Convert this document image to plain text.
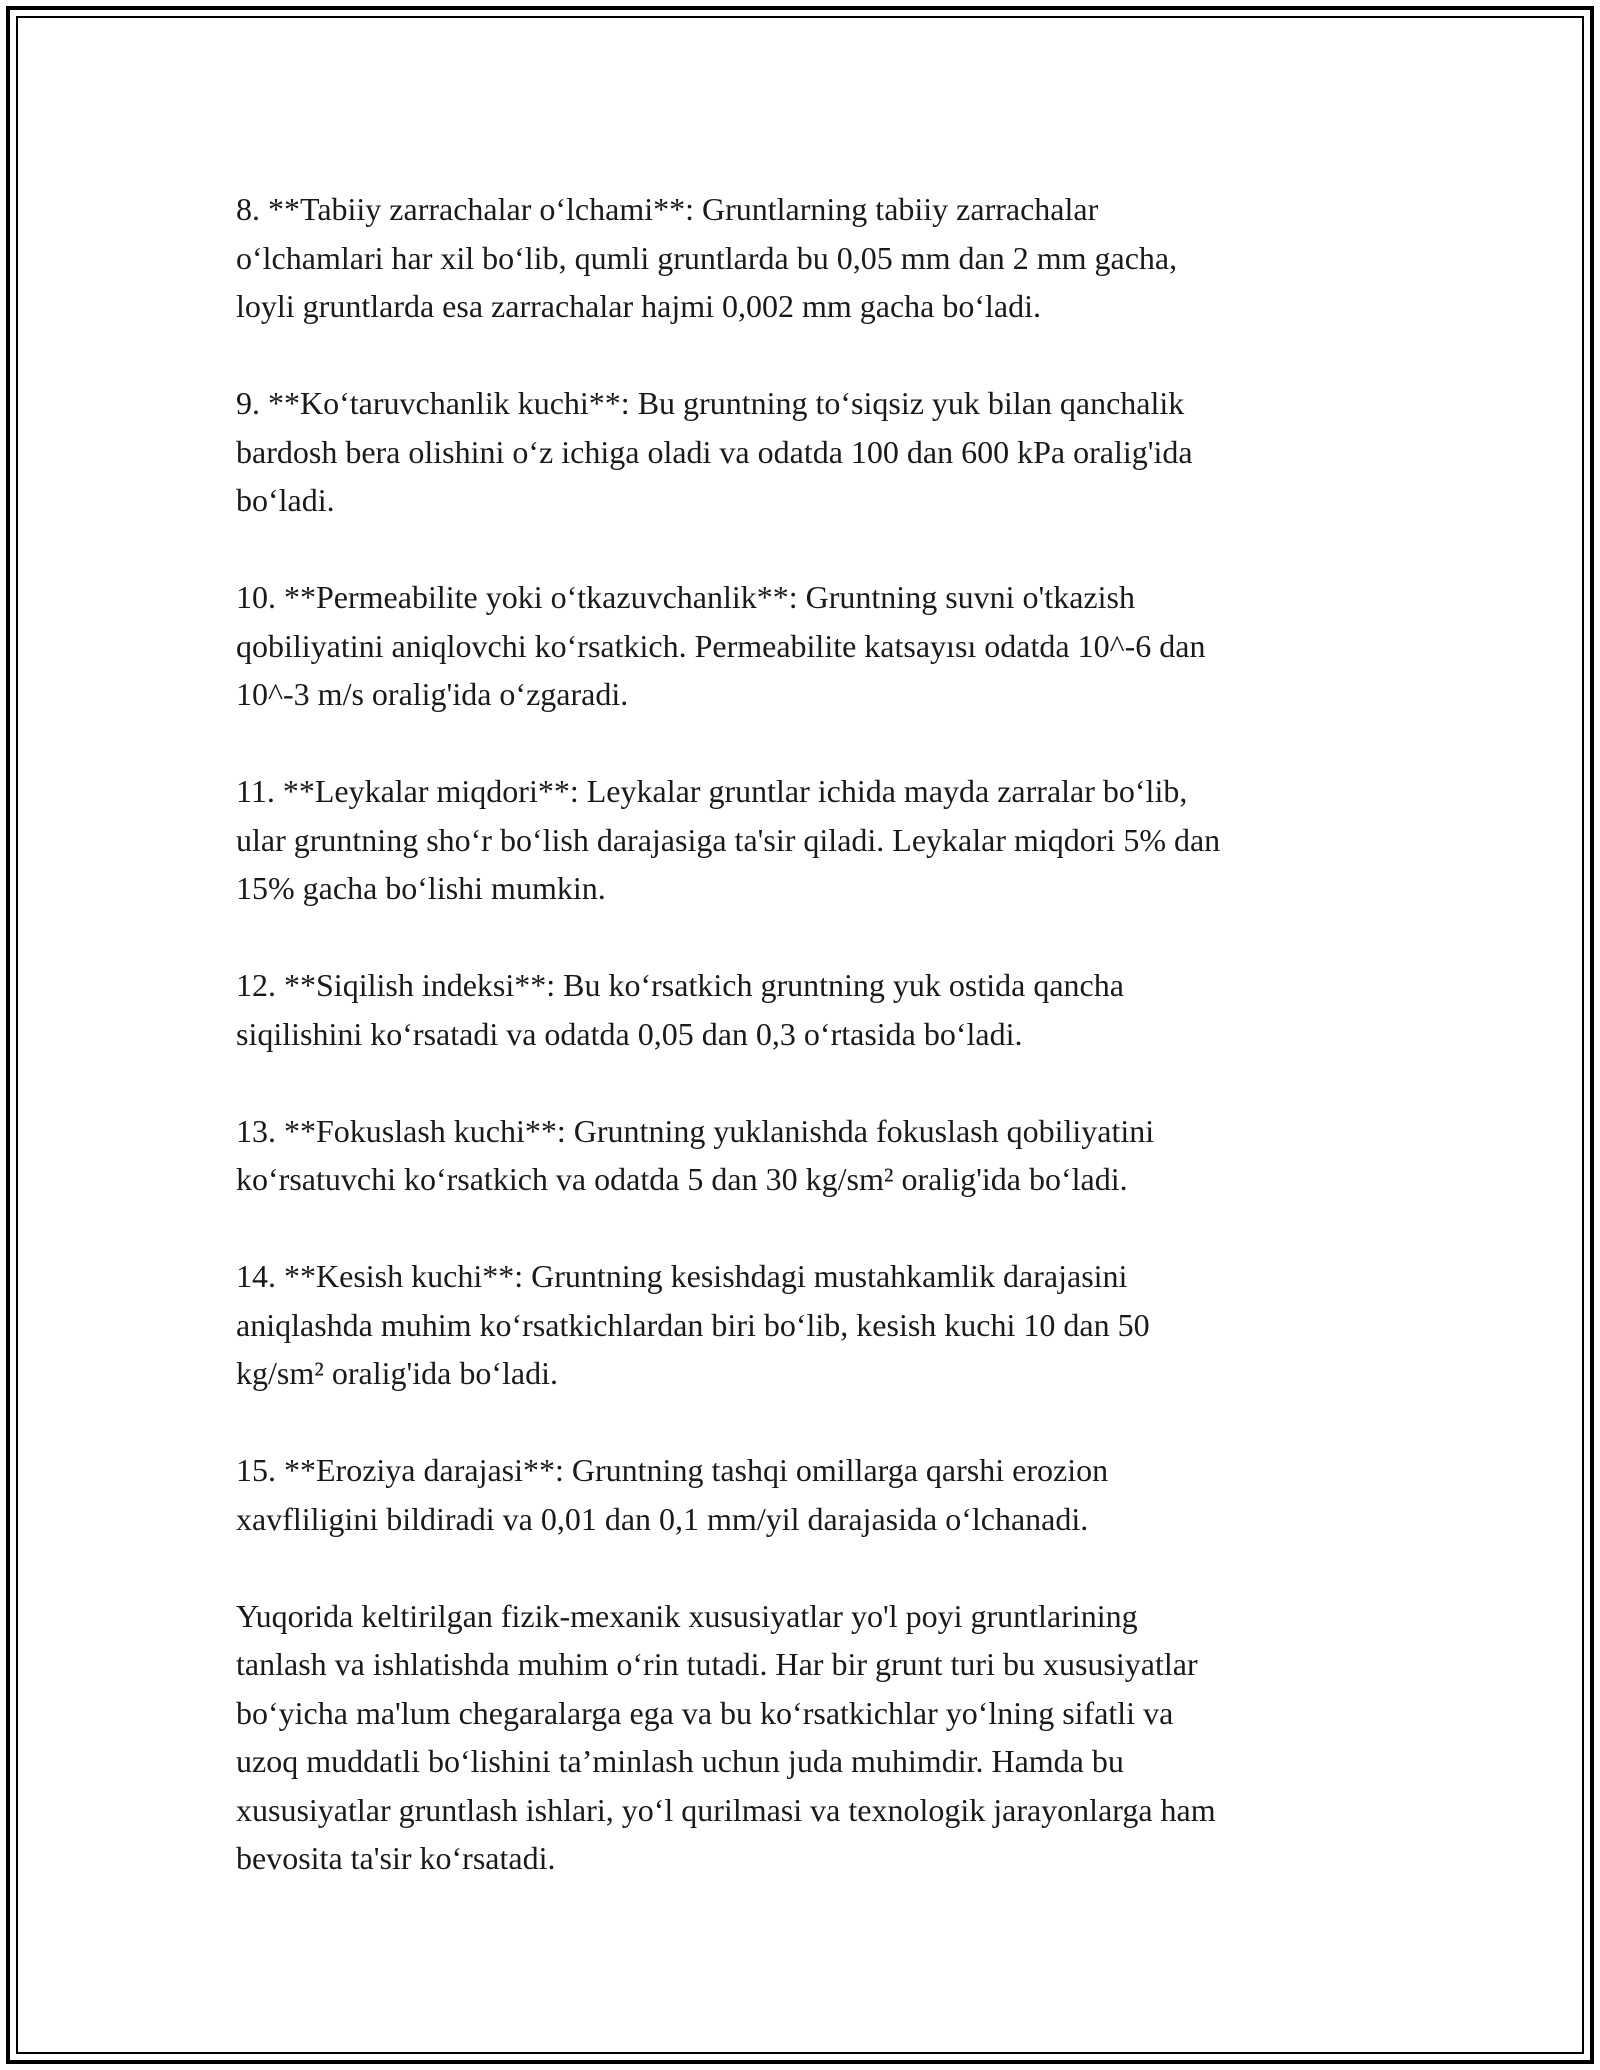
8. **Tabiiy zarrachalar o‘lchami**: Gruntlarning tabiiy zarrachalar
o‘lchamlari har xil bo‘lib, qumli gruntlarda bu 0,05 mm dan 2 mm gacha,
loyli gruntlarda esa zarrachalar hajmi 0,002 mm gacha bo‘ladi.

9. **Ko‘taruvchanlik kuchi**: Bu gruntning to‘siqsiz yuk bilan qanchalik
bardosh bera olishini o‘z ichiga oladi va odatda 100 dan 600 kPa oralig'ida
bo‘ladi.

10. **Permeabilite yoki o‘tkazuvchanlik**: Gruntning suvni o'tkazish
qobiliyatini aniqlovchi ko‘rsatkich. Permeabilite katsayısı odatda 10^-6 dan
10^-3 m/s oralig'ida o‘zgaradi.

11. **Leykalar miqdori**: Leykalar gruntlar ichida mayda zarralar bo‘lib,
ular gruntning sho‘r bo‘lish darajasiga ta'sir qiladi. Leykalar miqdori 5% dan
15% gacha bo‘lishi mumkin.

12. **Siqilish indeksi**: Bu ko‘rsatkich gruntning yuk ostida qancha
siqilishini ko‘rsatadi va odatda 0,05 dan 0,3 o‘rtasida bo‘ladi.

13. **Fokuslash kuchi**: Gruntning yuklanishda fokuslash qobiliyatini
ko‘rsatuvchi ko‘rsatkich va odatda 5 dan 30 kg/sm² oralig'ida bo‘ladi.

14. **Kesish kuchi**: Gruntning kesishdagi mustahkamlik darajasini
aniqlashda muhim ko‘rsatkichlardan biri bo‘lib, kesish kuchi 10 dan 50
kg/sm² oralig'ida bo‘ladi.

15. **Eroziya darajasi**: Gruntning tashqi omillarga qarshi erozion
xavfliligini bildiradi va 0,01 dan 0,1 mm/yil darajasida o‘lchanadi.

Yuqorida keltirilgan fizik-mexanik xususiyatlar yo'l poyi gruntlarining
tanlash va ishlatishda muhim o‘rin tutadi. Har bir grunt turi bu xususiyatlar
bo‘yicha ma'lum chegaralarga ega va bu ko‘rsatkichlar yo‘lning sifatli va
uzoq muddatli bo‘lishini ta’minlash uchun juda muhimdir. Hamda bu
xususiyatlar gruntlash ishlari, yo‘l qurilmasi va texnologik jarayonlarga ham
bevosita ta'sir ko‘rsatadi.
